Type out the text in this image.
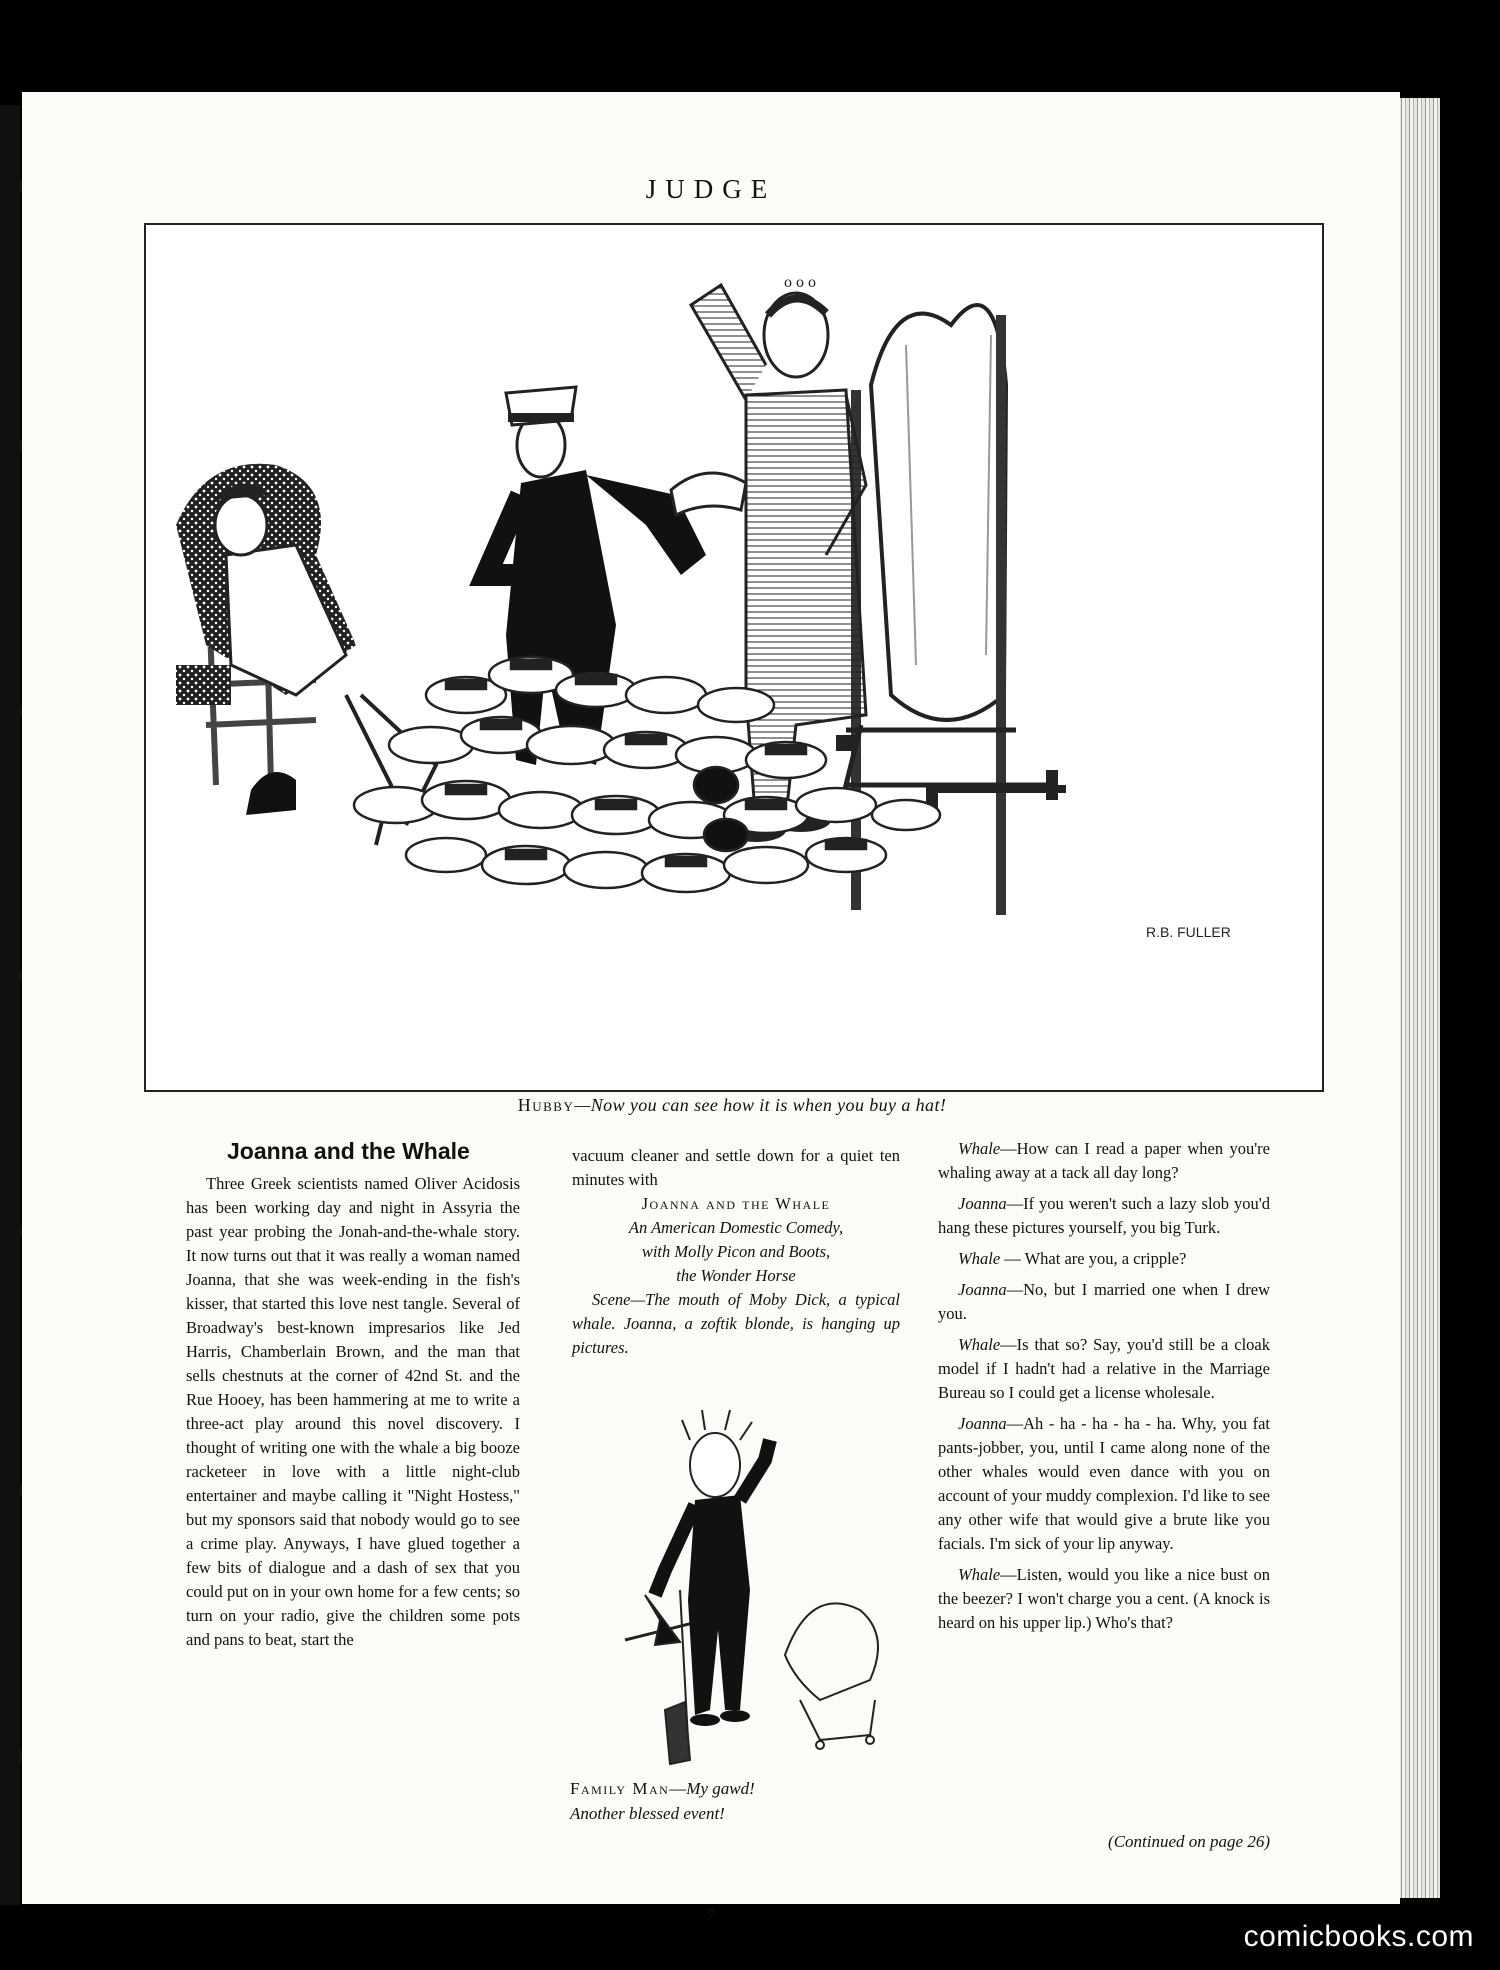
JUDGE
o o o
R.B. FULLER
Hubby—Now you can see how it is when you buy a hat!
Joanna and the Whale

Three Greek scientists named Oliver Acidosis has been working day and night in Assyria the past year probing the Jonah-and-the-whale story. It now turns out that it was really a woman named Joanna, that she was week-ending in the fish's kisser, that started this love nest tangle. Several of Broadway's best-known impresarios like Jed Harris, Chamberlain Brown, and the man that sells chestnuts at the corner of 42nd St. and the Rue Hooey, has been hammering at me to write a three-act play around this novel discovery. I thought of writing one with the whale a big booze racketeer in love with a little night-club entertainer and maybe calling it "Night Hostess," but my sponsors said that nobody would go to see a crime play. Anyways, I have glued together a few bits of dialogue and a dash of sex that you could put on in your own home for a few cents; so turn on your radio, give the children some pots and pans to beat, start the

vacuum cleaner and settle down for a quiet ten minutes with

Joanna and the Whale

An American Domestic Comedy,

with Molly Picon and Boots,

the Wonder Horse

Scene—The mouth of Moby Dick, a typical whale. Joanna, a zoftik blonde, is hanging up pictures.

Family Man—My gawd!
Another blessed event!

Whale—How can I read a paper when you're whaling away at a tack all day long?

Joanna—If you weren't such a lazy slob you'd hang these pictures yourself, you big Turk.

Whale — What are you, a cripple?

Joanna—No, but I married one when I drew you.

Whale—Is that so? Say, you'd still be a cloak model if I hadn't had a relative in the Marriage Bureau so I could get a license wholesale.

Joanna—Ah - ha - ha - ha - ha. Why, you fat pants-jobber, you, until I came along none of the other whales would even dance with you on account of your muddy complexion. I'd like to see any other wife that would give a brute like you facials. I'm sick of your lip anyway.

Whale—Listen, would you like a nice bust on the beezer? I won't charge you a cent. (A knock is heard on his upper lip.) Who's that?

(Continued on page 26)
7
comicbooks.com
